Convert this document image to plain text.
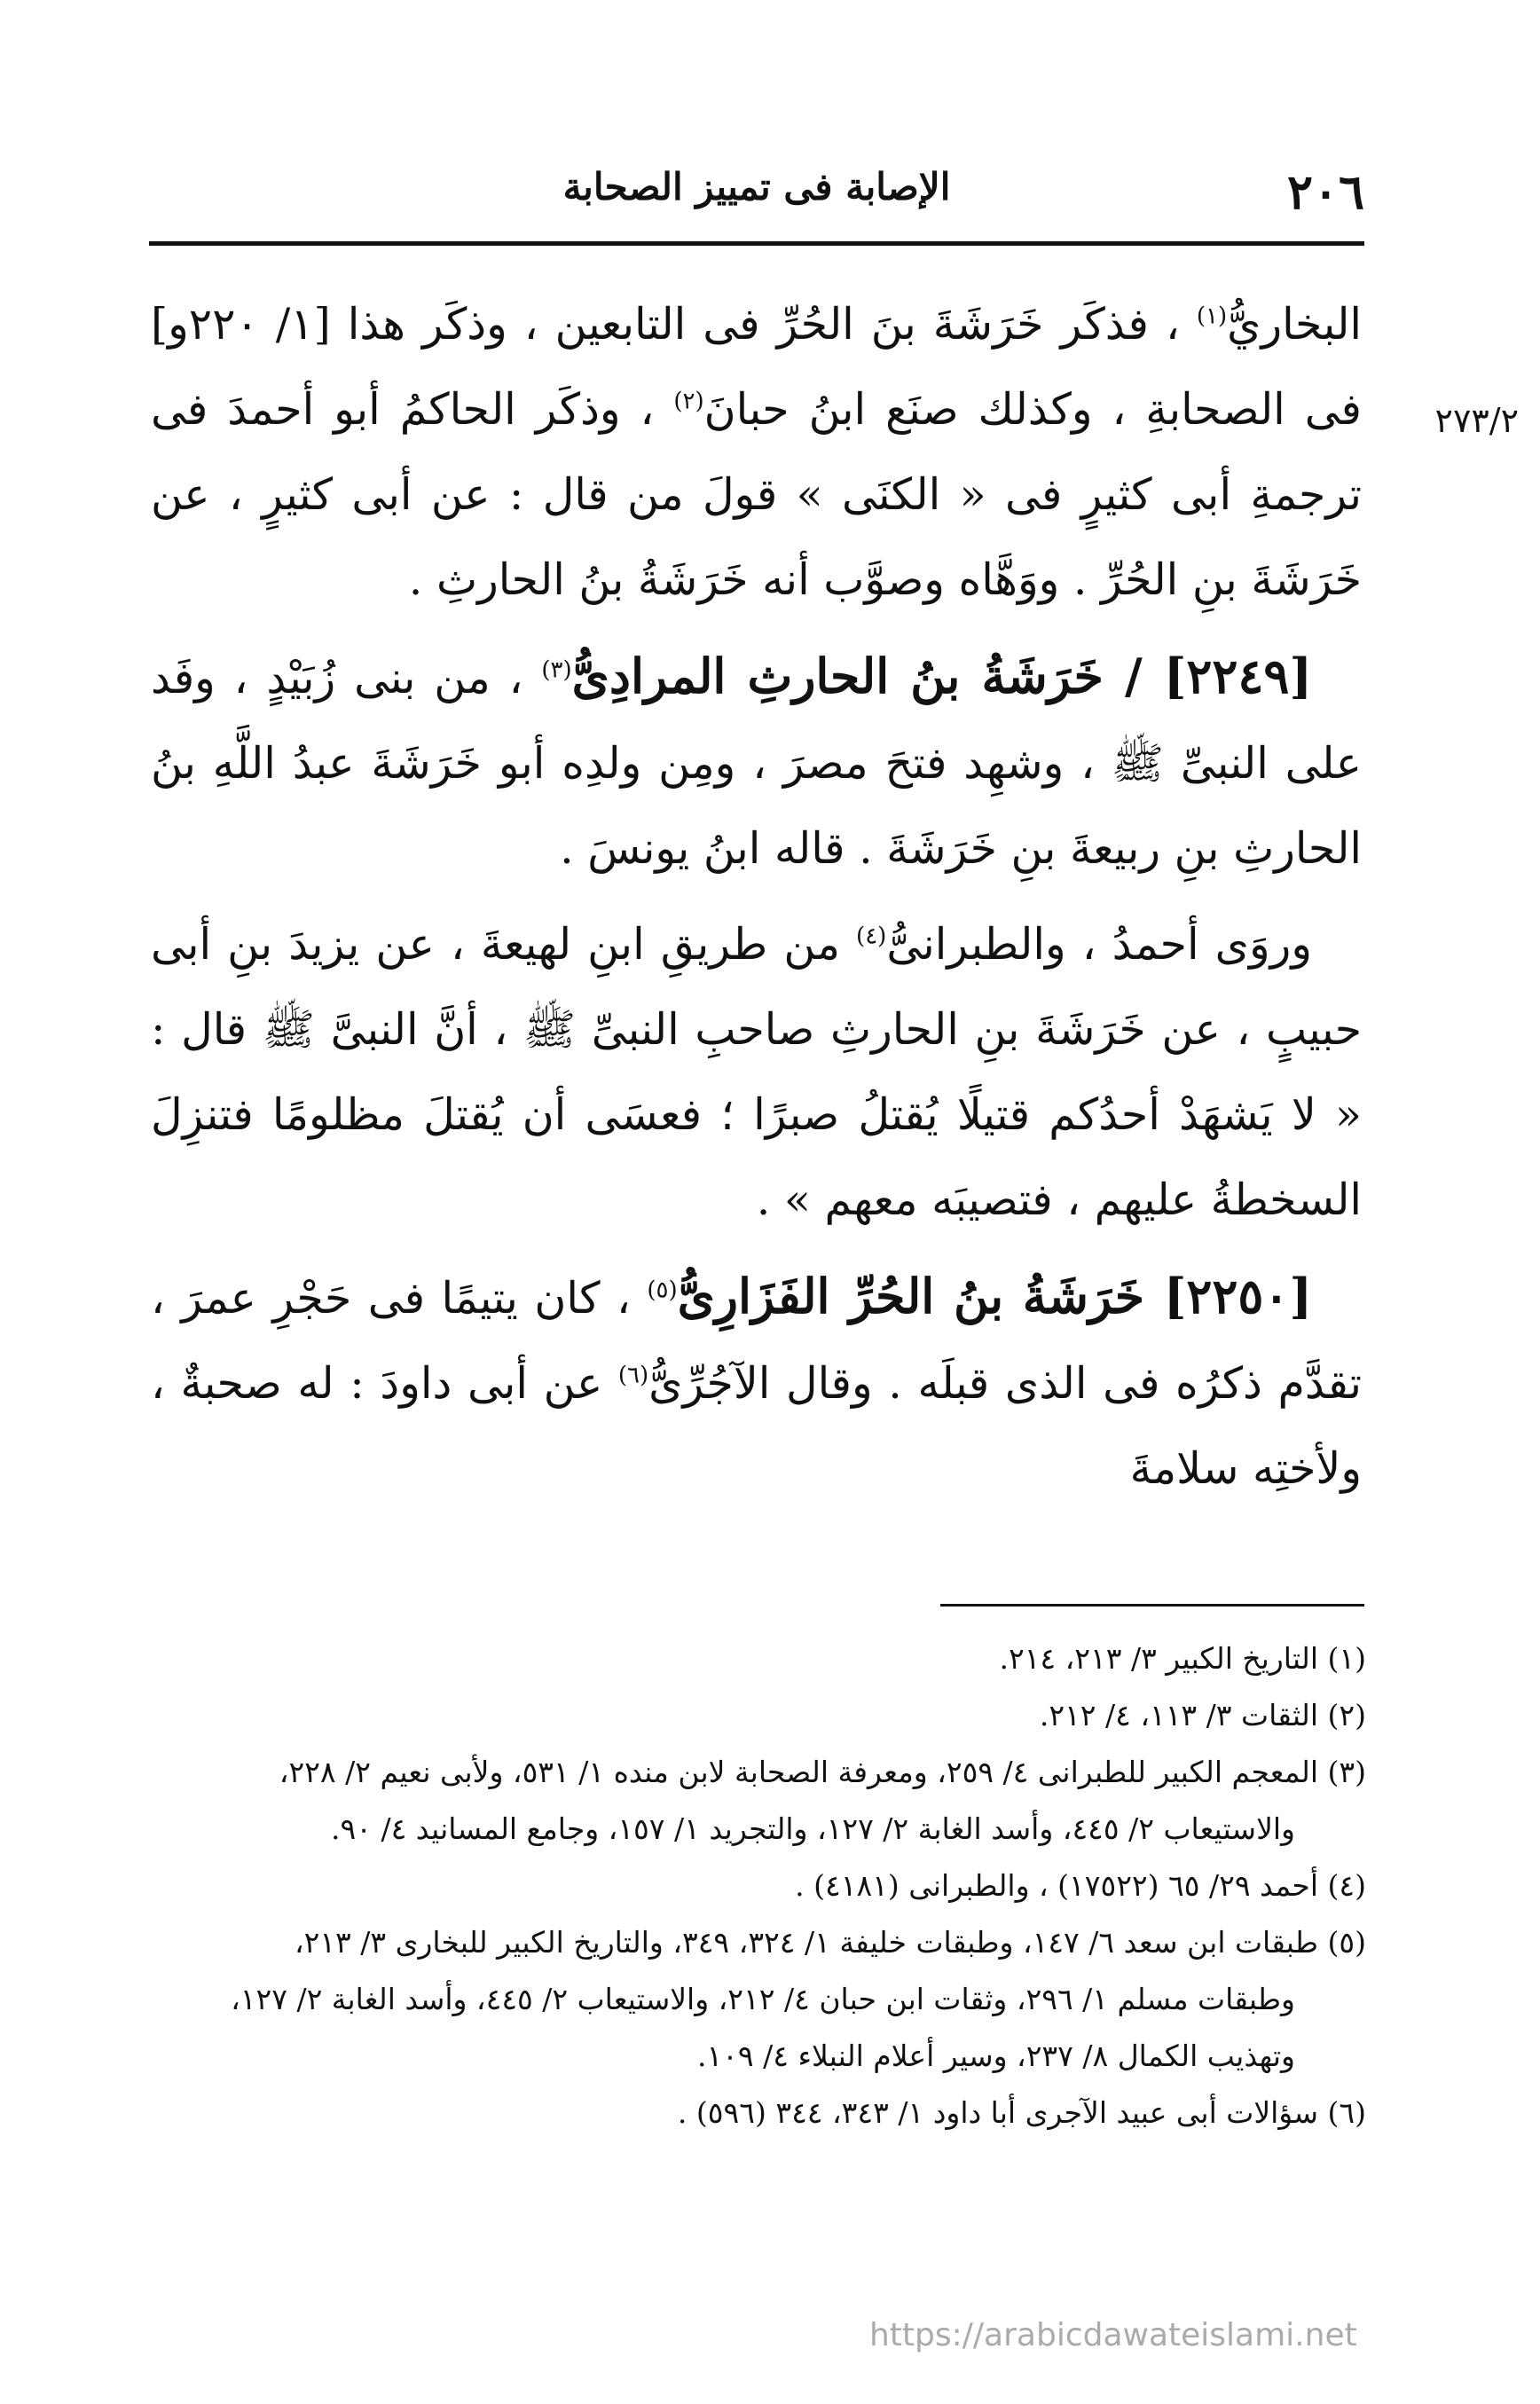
٢٠٦
الإصابة فى تمييز الصحابة
٢٧٣/٢

البخاريُّ$^{(١)}$ ، فذكَر خَرَشَةَ بنَ الحُرِّ فى التابعين ، وذكَر هذا [١/ ٢٢٠و] فى الصحابةِ ، وكذلك صنَع ابنُ حبانَ$^{(٢)}$ ، وذكَر الحاكمُ أبو أحمدَ فى ترجمةِ أبى كثيرٍ فى « الكنَى » قولَ من قال : عن أبى كثيرٍ ، عن خَرَشَةَ بنِ الحُرِّ . ووَهَّاه وصوَّب أنه خَرَشَةُ بنُ الحارثِ .

[٢٢٤٩] / خَرَشَةُ بنُ الحارثِ المرادِىُّ$^{(٣)}$ ، من بنى زُبَيْدٍ ، وفَد على النبىِّ ﷺ ، وشهِد فتحَ مصرَ ، ومِن ولدِه أبو خَرَشَةَ عبدُ اللَّهِ بنُ الحارثِ بنِ ربيعةَ بنِ خَرَشَةَ . قاله ابنُ يونسَ .

وروَى أحمدُ ، والطبرانىُّ$^{(٤)}$ من طريقِ ابنِ لهيعةَ ، عن يزيدَ بنِ أبى حبيبٍ ، عن خَرَشَةَ بنِ الحارثِ صاحبِ النبىِّ ﷺ ، أنَّ النبىَّ ﷺ قال : « لا يَشهَدْ أحدُكم قتيلًا يُقتلُ صبرًا ؛ فعسَى أن يُقتلَ مظلومًا فتنزِلَ السخطةُ عليهم ، فتصيبَه معهم » .

[٢٢٥٠] خَرَشَةُ بنُ الحُرِّ الفَزَارِىُّ$^{(٥)}$ ، كان يتيمًا فى حَجْرِ عمرَ ، تقدَّم ذكرُه فى الذى قبلَه . وقال الآجُرِّىُّ$^{(٦)}$ عن أبى داودَ : له صحبةٌ ، ولأختِه سلامةَ

(١) التاريخ الكبير ٣/ ٢١٣، ٢١٤.
(٢) الثقات ٣/ ١١٣، ٤/ ٢١٢.
(٣) المعجم الكبير للطبرانى ٤/ ٢٥٩، ومعرفة الصحابة لابن منده ١/ ٥٣١، ولأبى نعيم ٢/ ٢٢٨،
والاستيعاب ٢/ ٤٤٥، وأسد الغابة ٢/ ١٢٧، والتجريد ١/ ١٥٧، وجامع المسانيد ٤/ ٩٠.
(٤) أحمد ٢٩/ ٦٥ (١٧٥٢٢) ، والطبرانى (٤١٨١) .
(٥) طبقات ابن سعد ٦/ ١٤٧، وطبقات خليفة ١/ ٣٢٤، ٣٤٩، والتاريخ الكبير للبخارى ٣/ ٢١٣،
وطبقات مسلم ١/ ٢٩٦، وثقات ابن حبان ٤/ ٢١٢، والاستيعاب ٢/ ٤٤٥، وأسد الغابة ٢/ ١٢٧،
وتهذيب الكمال ٨/ ٢٣٧، وسير أعلام النبلاء ٤/ ١٠٩.
(٦) سؤالات أبى عبيد الآجرى أبا داود ١/ ٣٤٣، ٣٤٤ (٥٩٦) .
https://arabicdawateislami.net
